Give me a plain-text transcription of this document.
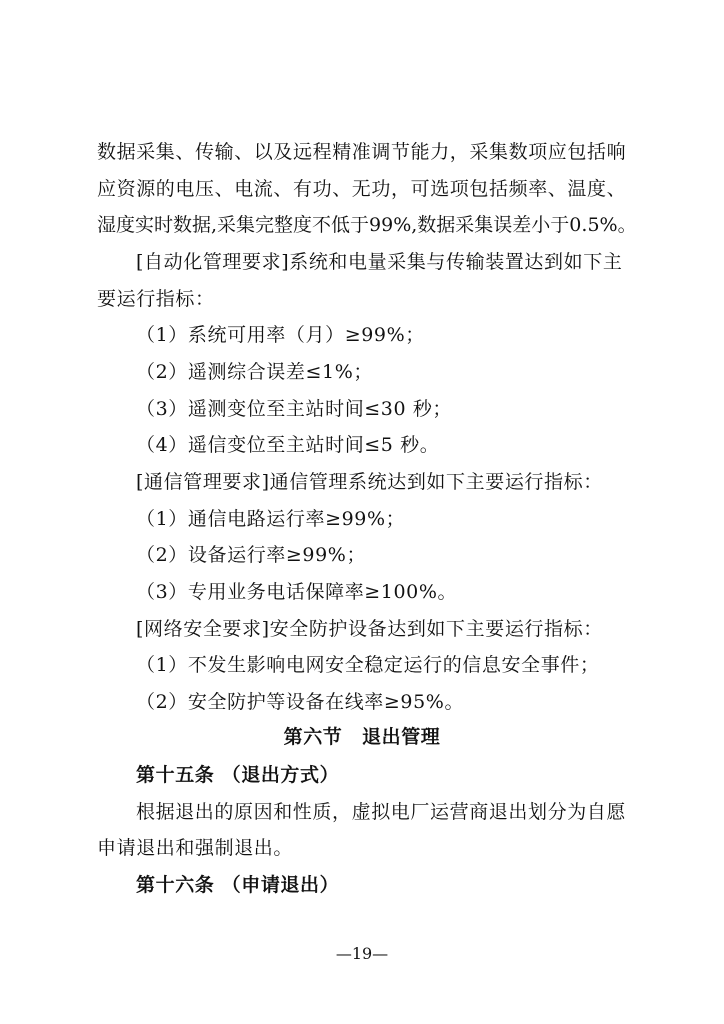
数据采集、传输、以及远程精准调节能力，采集数项应包括响
应资源的电压、电流、有功、无功，可选项包括频率、温度、
湿度实时数据,采集完整度不低于99%,数据采集误差小于0.5%。
[自动化管理要求]系统和电量采集与传输装置达到如下主
要运行指标：
（1）系统可用率（月）≥99%；
（2）遥测综合误差≤1%；
（3）遥测变位至主站时间≤30 秒；
（4）遥信变位至主站时间≤5 秒。
[通信管理要求]通信管理系统达到如下主要运行指标：
（1）通信电路运行率≥99%；
（2）设备运行率≥99%；
（3）专用业务电话保障率≥100%。
[网络安全要求]安全防护设备达到如下主要运行指标：
（1）不发生影响电网安全稳定运行的信息安全事件；
（2）安全防护等设备在线率≥95%。
第六节　退出管理
第十五条 （退出方式）
根据退出的原因和性质，虚拟电厂运营商退出划分为自愿
申请退出和强制退出。
第十六条 （申请退出）
—19—
